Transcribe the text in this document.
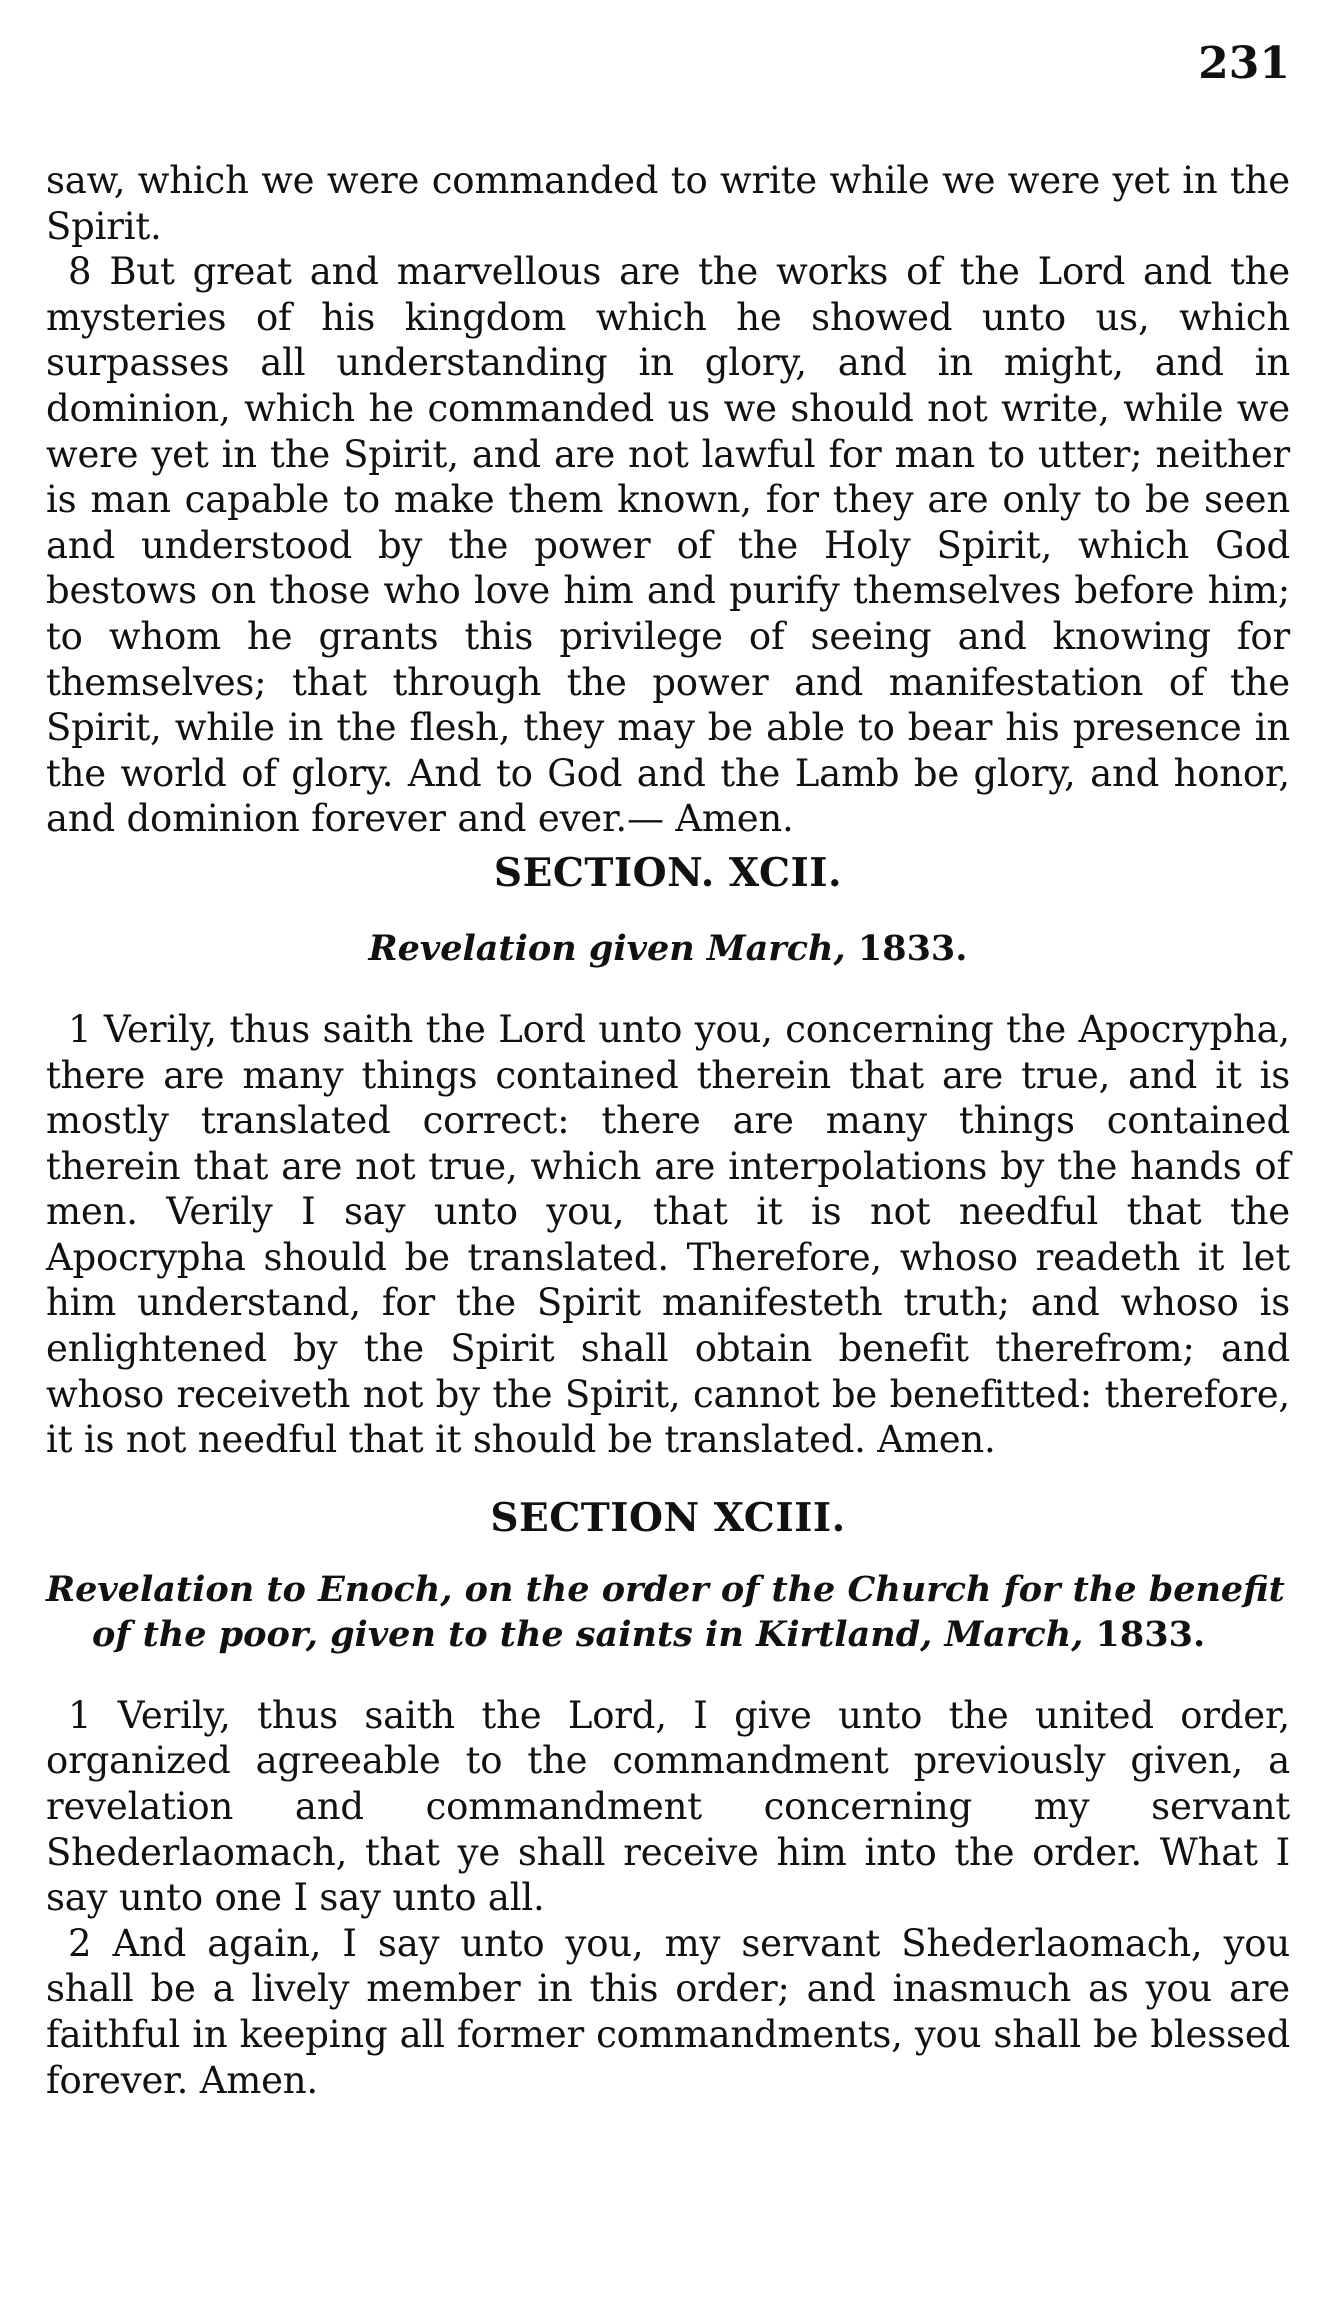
231

saw, which we were commanded to write while we were yet in the Spirit.

8 But great and marvellous are the works of the Lord and the mysteries of his kingdom which he showed unto us, which surpasses all understanding in glory, and in might, and in dominion, which he commanded us we should not write, while we were yet in the Spirit, and are not lawful for man to utter; neither is man capable to make them known, for they are only to be seen and understood by the power of the Holy Spirit, which God bestows on those who love him and purify themselves before him; to whom he grants this privilege of seeing and knowing for themselves; that through the power and manifestation of the Spirit, while in the flesh, they may be able to bear his presence in the world of glory. And to God and the Lamb be glory, and honor, and dominion forever and ever.— Amen.

SECTION. XCII.

Revelation given March, 1833.

1 Verily, thus saith the Lord unto you, concerning the Apocrypha, there are many things contained therein that are true, and it is mostly translated correct: there are many things contained therein that are not true, which are interpolations by the hands of men. Verily I say unto you, that it is not needful that the Apocrypha should be translated. Therefore, whoso readeth it let him understand, for the Spirit manifesteth truth; and whoso is enlightened by the Spirit shall obtain benefit therefrom; and whoso receiveth not by the Spirit, cannot be benefitted: therefore, it is not needful that it should be translated. Amen.

SECTION XCIII.

Revelation to Enoch, on the order of the Church for the benefit of the poor, given to the saints in Kirtland, March, 1833.

1 Verily, thus saith the Lord, I give unto the united order, organized agreeable to the commandment previously given, a revelation and commandment concerning my servant Shederlaomach, that ye shall receive him into the order. What I say unto one I say unto all.

2 And again, I say unto you, my servant Shederlaomach, you shall be a lively member in this order; and inasmuch as you are faithful in keeping all former commandments, you shall be blessed forever. Amen.
